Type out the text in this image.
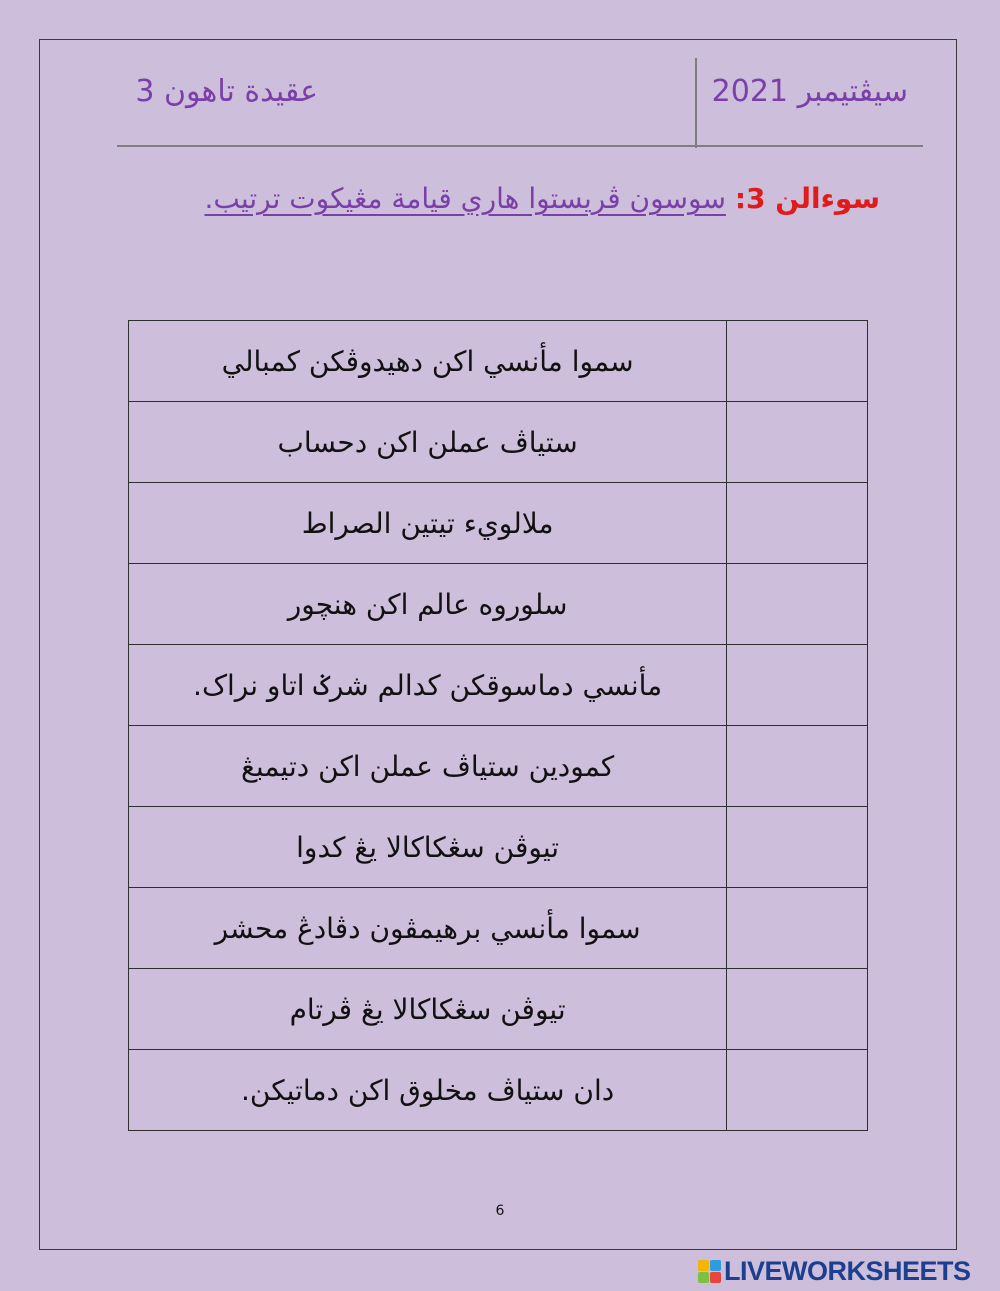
سيڤتيمبر 2021
عقيدة تاهون 3
سوءالن 3: سوسون ڤريستوا هاري قيامة مڠيكوت ترتيب.
سموا مأنسي اكن دهيدوڤكن كمبالي	
ستياڤ عملن اكن دحساب	
ملالويء تيتين الصراط	
سلوروه عالم اكن هنچور	
مأنسي دماسوقكن كدالم شرݢ اتاو نراک.	
كمودين ستياڤ عملن اكن دتيمبڠ	
تيوڤن سڠكاكالا يڠ كدوا	
سموا مأنسي برهيمڤون دڤادڠ محشر	
تيوڤن سڠكاكالا يڠ ڤرتام	
دان ستياڤ مخلوق اكن دماتيكن.	
6
LIVEWORKSHEETS
